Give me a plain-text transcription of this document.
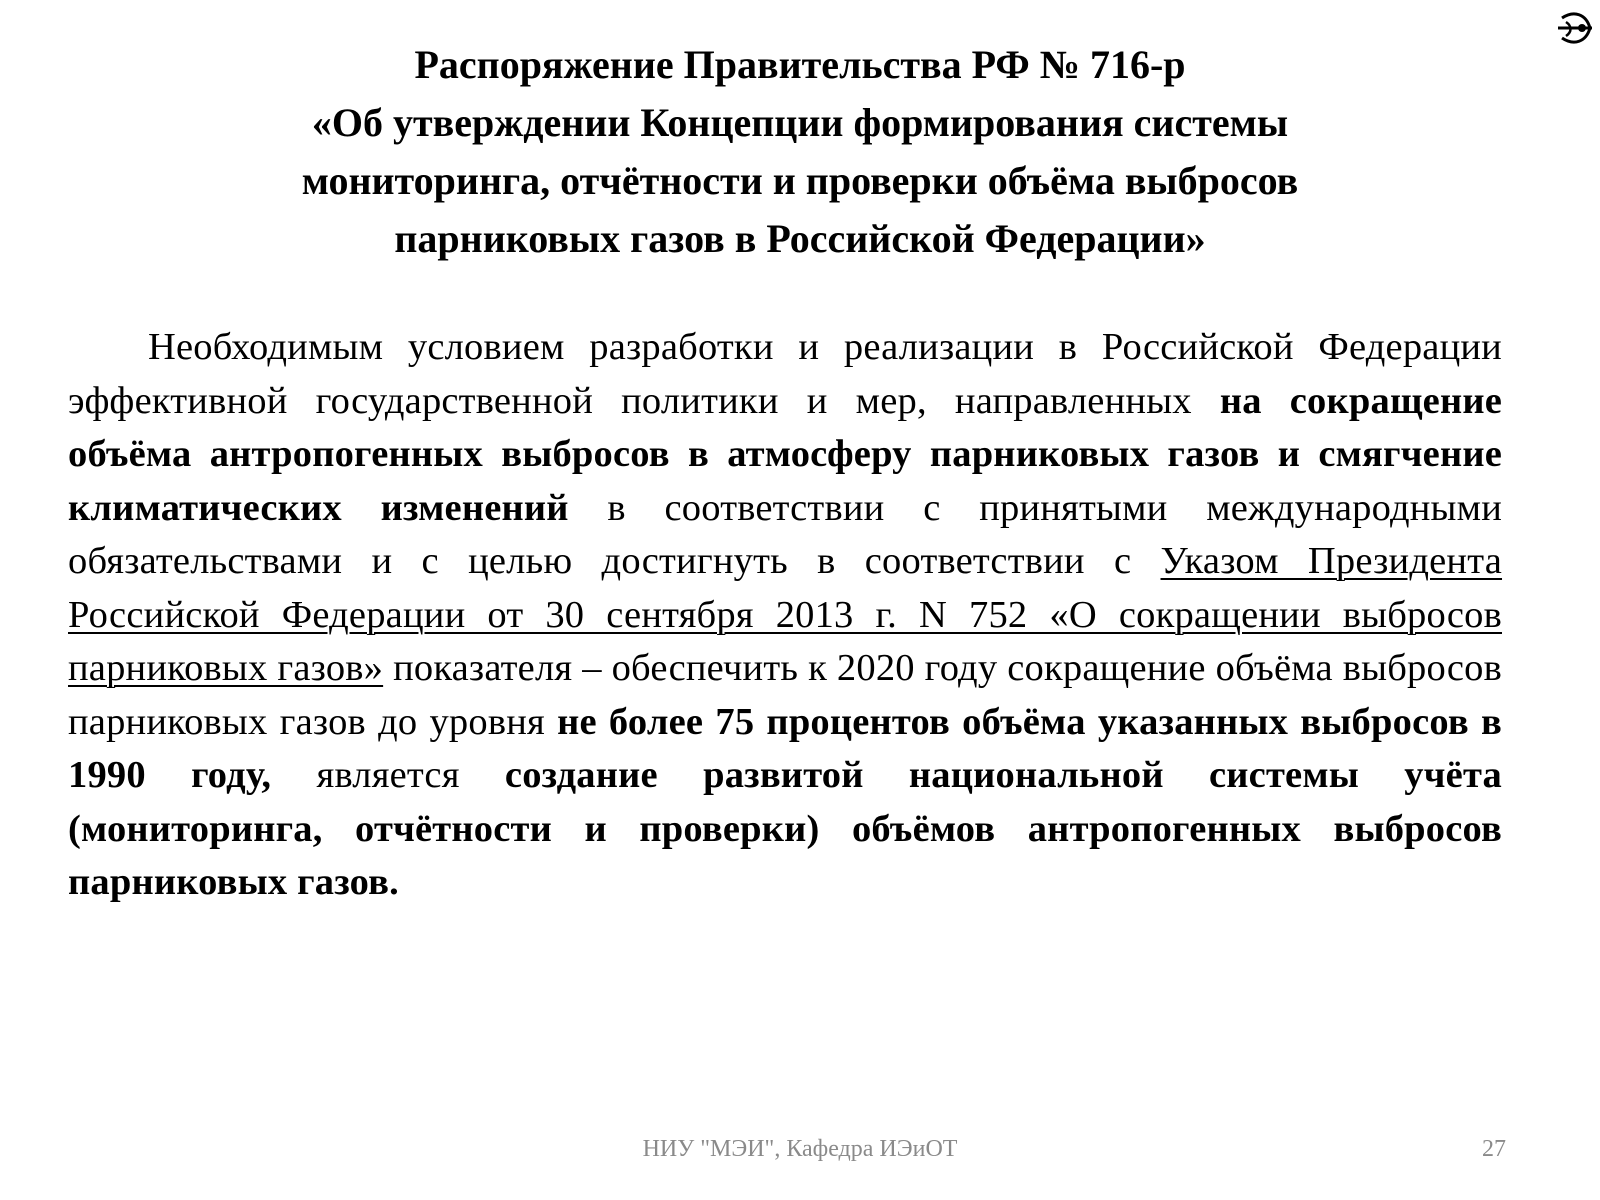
Распоряжение Правительства РФ № 716-р
«Об утверждении Концепции формирования системы
мониторинга, отчётности и проверки объёма выбросов
парниковых газов в Российской Федерации»

Необходимым условием разработки и реализации в Российской Федерации эффективной государственной политики и мер, направленных на сокращение объёма антропогенных выбросов в атмосферу парниковых газов и смягчение климатических изменений в соответствии с принятыми международными обязательствами и с целью достигнуть в соответствии с Указом Президента Российской Федерации от 30 сентября 2013 г. N 752 «О сокращении выбросов парниковых газов» показателя – обеспечить к 2020 году сокращение объёма выбросов парниковых газов до уровня не более 75 процентов объёма указанных выбросов в 1990 году, является создание развитой национальной системы учёта (мониторинга, отчётности и проверки) объёмов антропогенных выбросов парниковых газов.

НИУ "МЭИ", Кафедра ИЭиОТ	27
